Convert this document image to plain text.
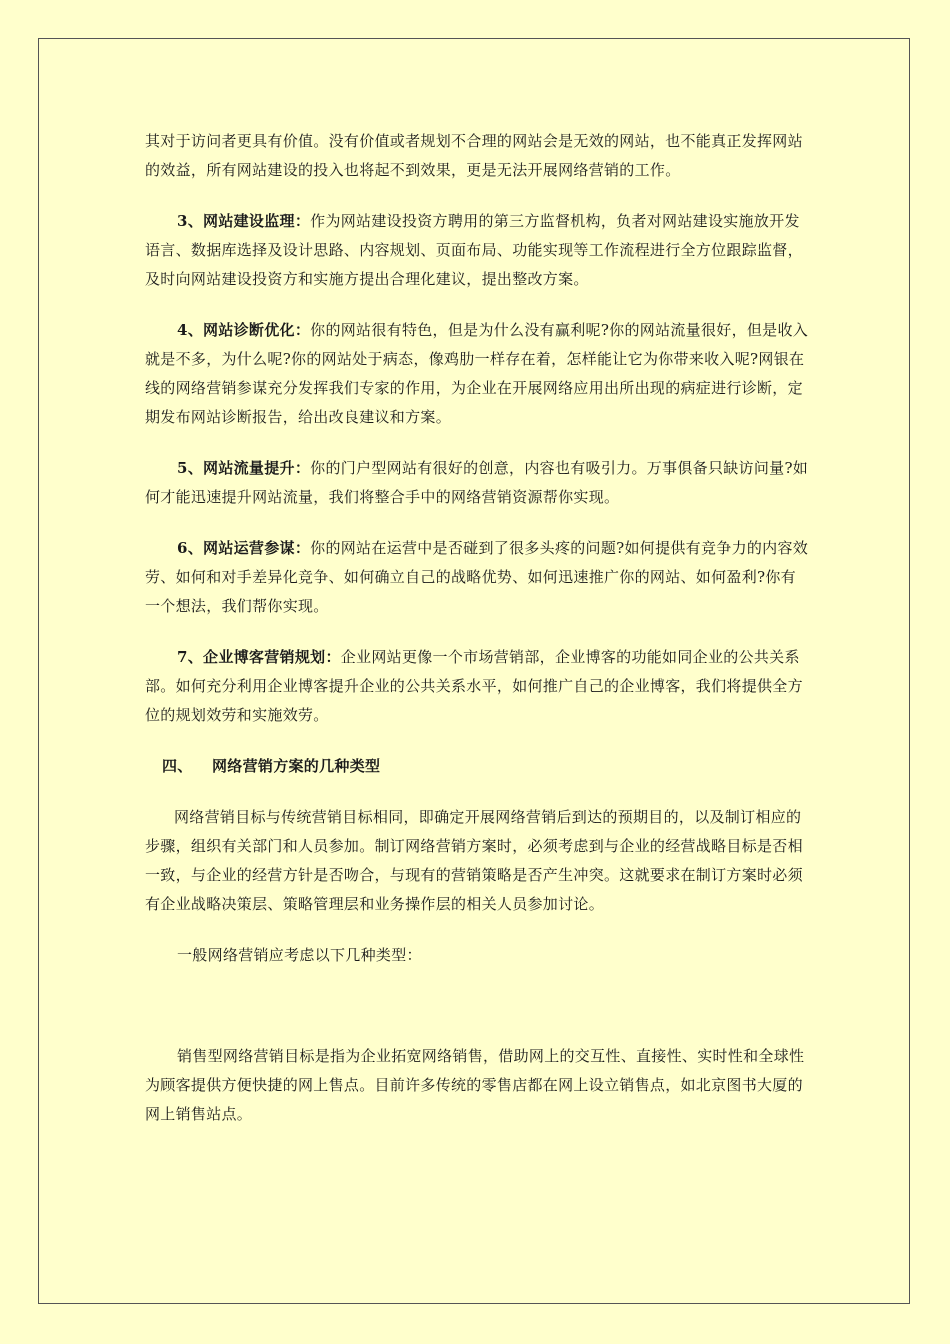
其对于访问者更具有价值。没有价值或者规划不合理的网站会是无效的网站，也不能真正发挥网站的效益，所有网站建设的投入也将起不到效果，更是无法开展网络营销的工作。

3、网站建设监理：作为网站建设投资方聘用的第三方监督机构，负者对网站建设实施放开发语言、数据库选择及设计思路、内容规划、页面布局、功能实现等工作流程进行全方位跟踪监督，及时向网站建设投资方和实施方提出合理化建议，提出整改方案。

4、网站诊断优化：你的网站很有特色，但是为什么没有赢利呢?你的网站流量很好，但是收入就是不多，为什么呢?你的网站处于病态，像鸡肋一样存在着，怎样能让它为你带来收入呢?网银在线的网络营销参谋充分发挥我们专家的作用，为企业在开展网络应用出所出现的病症进行诊断，定期发布网站诊断报告，给出改良建议和方案。

5、网站流量提升：你的门户型网站有很好的创意，内容也有吸引力。万事俱备只缺访问量?如何才能迅速提升网站流量，我们将整合手中的网络营销资源帮你实现。

6、网站运营参谋：你的网站在运营中是否碰到了很多头疼的问题?如何提供有竞争力的内容效劳、如何和对手差异化竞争、如何确立自己的战略优势、如何迅速推广你的网站、如何盈利?你有一个想法，我们帮你实现。

7、企业博客营销规划：企业网站更像一个市场营销部，企业博客的功能如同企业的公共关系部。如何充分利用企业博客提升企业的公共关系水平，如何推广自己的企业博客，我们将提供全方位的规划效劳和实施效劳。

四、 网络营销方案的几种类型

网络营销目标与传统营销目标相同，即确定开展网络营销后到达的预期目的，以及制订相应的步骤，组织有关部门和人员参加。制订网络营销方案时，必须考虑到与企业的经营战略目标是否相一致，与企业的经营方针是否吻合，与现有的营销策略是否产生冲突。这就要求在制订方案时必须有企业战略决策层、策略管理层和业务操作层的相关人员参加讨论。

一般网络营销应考虑以下几种类型：

销售型网络营销目标是指为企业拓宽网络销售，借助网上的交互性、直接性、实时性和全球性为顾客提供方便快捷的网上售点。目前许多传统的零售店都在网上设立销售点，如北京图书大厦的网上销售站点。
